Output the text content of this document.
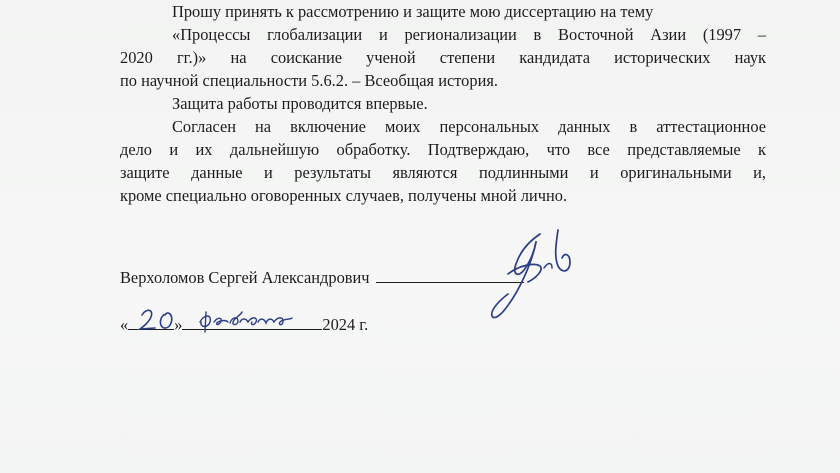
Прошу принять к рассмотрению и защите мою диссертацию на тему
«Процессы глобализации и регионализации в Восточной Азии (1997 –
2020 гг.)» на соискание ученой степени кандидата исторических наук
по научной специальности 5.6.2. – Всеобщая история.
Защита работы проводится впервые.
Согласен на включение моих персональных данных в аттестационное
дело и их дальнейшую обработку. Подтверждаю, что все представляемые к
защите данные и результаты являются подлинными и оригинальными и,
кроме специально оговоренных случаев, получены мной лично.
Верхоломов Сергей Александрович
«	»	2024 г.
